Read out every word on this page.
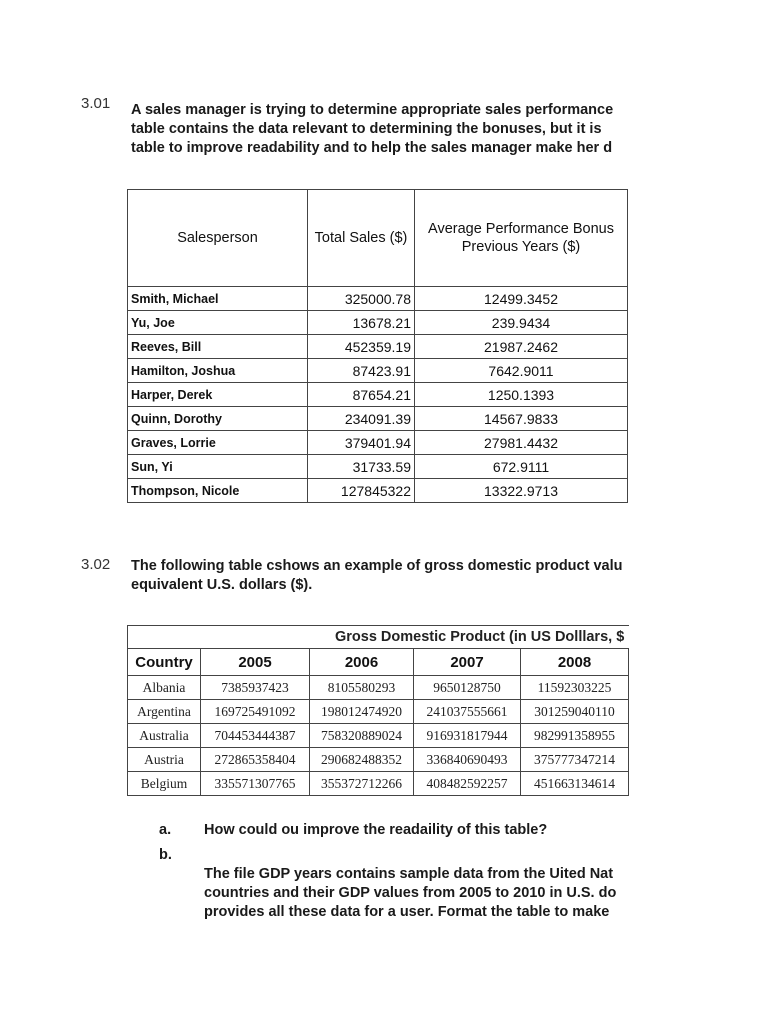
3.01 A sales manager is trying to determine appropriate sales performance
table contains the data relevant to determining the bonuses, but it is
table to improve readability and to help the sales manager make her d
Salesperson	Total Sales ($)	Average Performance Bonus Previous Years ($)
Smith, Michael	325000.78	12499.3452
Yu, Joe	13678.21	239.9434
Reeves, Bill	452359.19	21987.2462
Hamilton, Joshua	87423.91	7642.9011
Harper, Derek	87654.21	1250.1393
Quinn, Dorothy	234091.39	14567.9833
Graves, Lorrie	379401.94	27981.4432
Sun, Yi	31733.59	672.9111
Thompson, Nicole	127845322	13322.9713
3.02 The following table cshows an example of gross domestic product valu
equivalent U.S. dollars ($).
Gross Domestic Product (in US Dolllars, $					
Country	2005	2006	2007	2008	
Albania	7385937423	8105580293	9650128750	11592303225	
Argentina	169725491092	198012474920	241037555661	301259040110	
Australia	704453444387	758320889024	916931817944	982991358955	
Austria	272865358404	290682488352	336840690493	375777347214	
Belgium	335571307765	355372712266	408482592257	451663134614	
a. How could ou improve the readaility of this table?
b.
The file GDP years contains sample data from the Uited Nat
countries and their GDP values from 2005 to 2010 in U.S. do
provides all these data for a user. Format the table to make
